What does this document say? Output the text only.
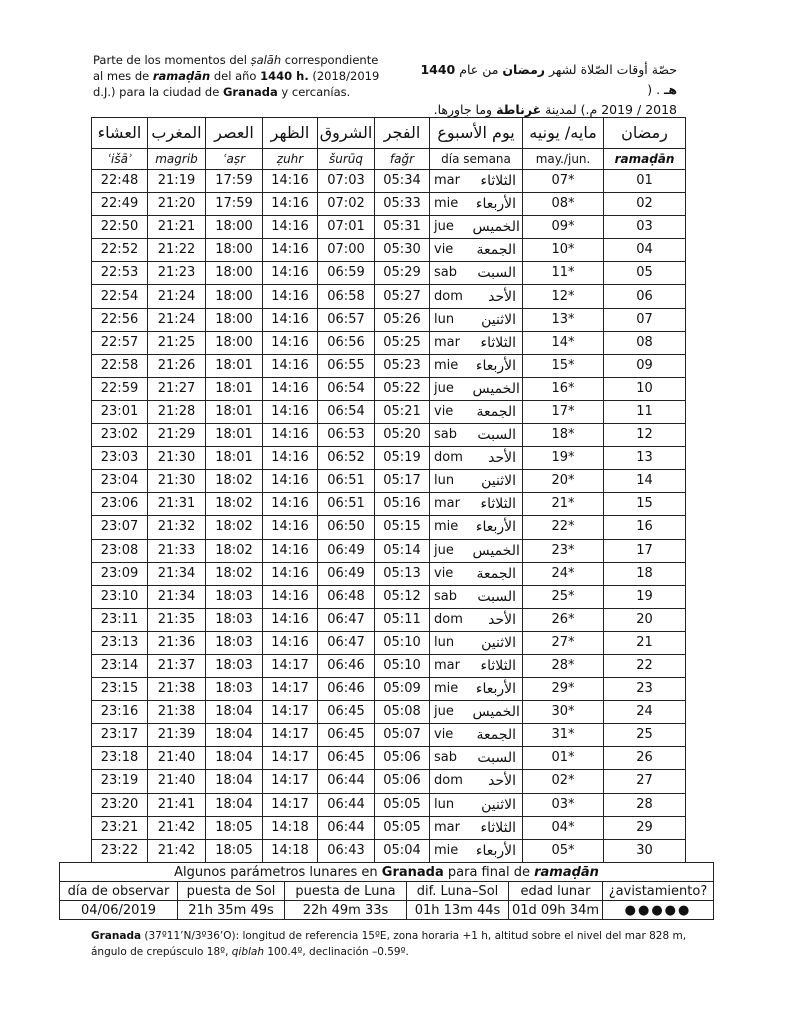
Parte de los momentos del ṣalāh correspondiente
al mes de ramaḍān del año 1440 h. (2018/2019
d.J.) para la ciudad de Granada y cercanías.
حصّة أوقات الصّلاة لشهر رمضان من عام 1440 هـ . (
2018 / 2019 م.) لمدينة غرناطة وما جاورها.
العشاء	المغرب	العصر	الظهر	الشروق	الفجر	يوم الأسبوع		مايه/ يونيه	رمضان
ʿišāʾ	magrib	ʿaṣr	ẓuhr	šurūq	faǧr	día semana		may./jun.	ramaḍān
22:48	21:19	17:59	14:16	07:03	05:34	mar	الثلاثاء	07*	01
22:49	21:20	17:59	14:16	07:02	05:33	mie	الأربعاء	08*	02
22:50	21:21	18:00	14:16	07:01	05:31	jue	الخميس	09*	03
22:52	21:22	18:00	14:16	07:00	05:30	vie	الجمعة	10*	04
22:53	21:23	18:00	14:16	06:59	05:29	sab	السبت	11*	05
22:54	21:24	18:00	14:16	06:58	05:27	dom	الأحد	12*	06
22:56	21:24	18:00	14:16	06:57	05:26	lun	الاثنين	13*	07
22:57	21:25	18:00	14:16	06:56	05:25	mar	الثلاثاء	14*	08
22:58	21:26	18:01	14:16	06:55	05:23	mie	الأربعاء	15*	09
22:59	21:27	18:01	14:16	06:54	05:22	jue	الخميس	16*	10
23:01	21:28	18:01	14:16	06:54	05:21	vie	الجمعة	17*	11
23:02	21:29	18:01	14:16	06:53	05:20	sab	السبت	18*	12
23:03	21:30	18:01	14:16	06:52	05:19	dom	الأحد	19*	13
23:04	21:30	18:02	14:16	06:51	05:17	lun	الاثنين	20*	14
23:06	21:31	18:02	14:16	06:51	05:16	mar	الثلاثاء	21*	15
23:07	21:32	18:02	14:16	06:50	05:15	mie	الأربعاء	22*	16
23:08	21:33	18:02	14:16	06:49	05:14	jue	الخميس	23*	17
23:09	21:34	18:02	14:16	06:49	05:13	vie	الجمعة	24*	18
23:10	21:34	18:03	14:16	06:48	05:12	sab	السبت	25*	19
23:11	21:35	18:03	14:16	06:47	05:11	dom	الأحد	26*	20
23:13	21:36	18:03	14:16	06:47	05:10	lun	الاثنين	27*	21
23:14	21:37	18:03	14:17	06:46	05:10	mar	الثلاثاء	28*	22
23:15	21:38	18:03	14:17	06:46	05:09	mie	الأربعاء	29*	23
23:16	21:38	18:04	14:17	06:45	05:08	jue	الخميس	30*	24
23:17	21:39	18:04	14:17	06:45	05:07	vie	الجمعة	31*	25
23:18	21:40	18:04	14:17	06:45	05:06	sab	السبت	01*	26
23:19	21:40	18:04	14:17	06:44	05:06	dom	الأحد	02*	27
23:20	21:41	18:04	14:17	06:44	05:05	lun	الاثنين	03*	28
23:21	21:42	18:05	14:18	06:44	05:05	mar	الثلاثاء	04*	29
23:22	21:42	18:05	14:18	06:43	05:04	mie	الأربعاء	05*	30
Algunos parámetros lunares en Granada para final de ramaḍān					
día de observar	puesta de Sol	puesta de Luna	dif. Luna–Sol	edad lunar	¿avistamiento?
04/06/2019	21h 35m 49s	22h 49m 33s	01h 13m 44s	01d 09h 34m	●●●●●
Granada (37º11’N/3º36’O): longitud de referencia 15ºE, zona horaria +1 h, altitud sobre el nivel del mar 828 m, ángulo de crepúsculo 18º, qiblah 100.4º, declinación –0.59º.
